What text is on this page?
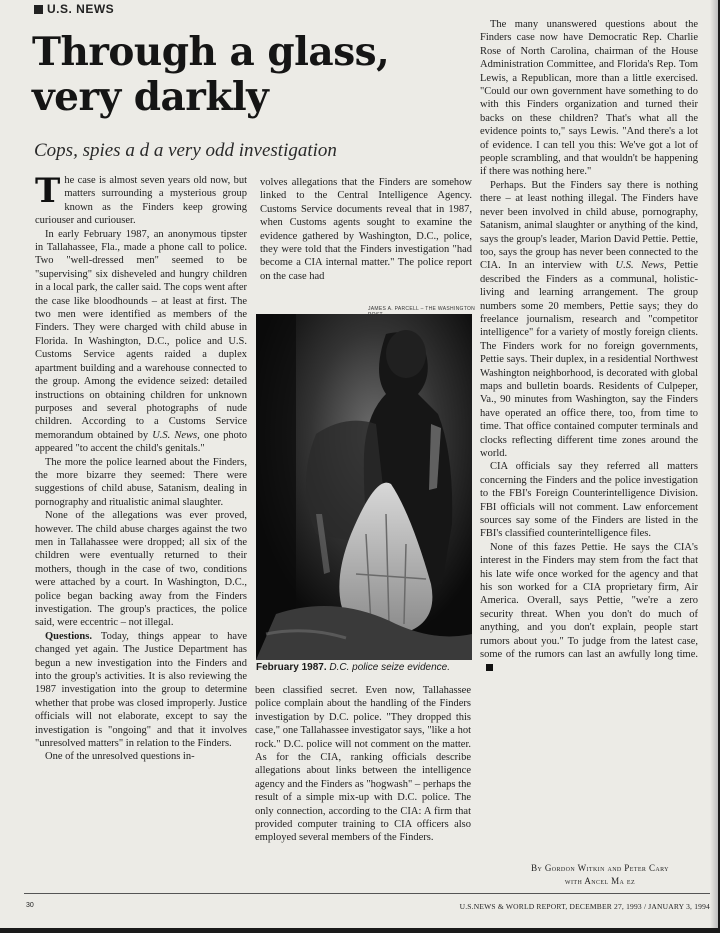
U.S. NEWS
Through a glass,
very darkly
Cops, spies a d a very odd investigation

The case is almost seven years old now, but matters surrounding a mysterious group known as the Finders keep growing curiouser and curiouser.

In early February 1987, an anonymous tipster in Tallahassee, Fla., made a phone call to police. Two "well-dressed men" seemed to be "supervising" six disheveled and hungry children in a local park, the caller said. The cops went after the case like bloodhounds – at least at first. The two men were identified as members of the Finders. They were charged with child abuse in Florida. In Washington, D.C., police and U.S. Customs Service agents raided a duplex apartment building and a warehouse connected to the group. Among the evidence seized: detailed instructions on obtaining children for unknown purposes and several photographs of nude children. According to a Customs Service memorandum obtained by U.S. News, one photo appeared "to accent the child's genitals."

The more the police learned about the Finders, the more bizarre they seemed: There were suggestions of child abuse, Satanism, dealing in pornography and ritualistic animal slaughter.

None of the allegations was ever proved, however. The child abuse charges against the two men in Tallahassee were dropped; all six of the children were eventually returned to their mothers, though in the case of two, conditions were attached by a court. In Washington, D.C., police began backing away from the Finders investigation. The group's practices, the police said, were eccentric – not illegal.

Questions. Today, things appear to have changed yet again. The Justice Department has begun a new investigation into the Finders and into the group's activities. It is also reviewing the 1987 investigation into the group to determine whether that probe was closed improperly. Justice officials will not elaborate, except to say the investigation is "ongoing" and that it involves "unresolved matters" in relation to the Finders.

One of the unresolved questions in-

volves allegations that the Finders are somehow linked to the Central Intelligence Agency. Customs Service documents reveal that in 1987, when Customs agents sought to examine the evidence gathered by Washington, D.C., police, they were told that the Finders investigation "had become a CIA internal matter." The police report on the case had

JAMES A. PARCELL – THE WASHINGTON
February 1987. D.C. police seize evidence.

been classified secret. Even now, Tallahassee police complain about the handling of the Finders investigation by D.C. police. "They dropped this case," one Tallahassee investigator says, "like a hot rock." D.C. police will not comment on the matter. As for the CIA, ranking officials describe allegations about links between the intelligence agency and the Finders as "hogwash" – perhaps the result of a simple mix-up with D.C. police. The only connection, according to the CIA: A firm that provided computer training to CIA officers also employed several members of the Finders.

The many unanswered questions about the Finders case now have Democratic Rep. Charlie Rose of North Carolina, chairman of the House Administration Committee, and Florida's Rep. Tom Lewis, a Republican, more than a little exercised. "Could our own government have something to do with this Finders organization and turned their backs on these children? That's what all the evidence points to," says Lewis. "And there's a lot of evidence. I can tell you this: We've got a lot of people scrambling, and that wouldn't be happening if there was nothing here."

Perhaps. But the Finders say there is nothing there – at least nothing illegal. The Finders have never been involved in child abuse, pornography, Satanism, animal slaughter or anything of the kind, says the group's leader, Marion David Pettie. Pettie, too, says the group has never been connected to the CIA. In an interview with U.S. News, Pettie described the Finders as a communal, holistic-living and learning arrangement. The group numbers some 20 members, Pettie says; they do freelance journalism, research and "competitor intelligence" for a variety of mostly foreign clients. The Finders work for no foreign governments, Pettie says. Their duplex, in a residential Northwest Washington neighborhood, is decorated with global maps and bulletin boards. Residents of Culpeper, Va., 90 minutes from Washington, say the Finders have operated an office there, too, from time to time. That office contained computer terminals and clocks reflecting different time zones around the world.

CIA officials say they referred all matters concerning the Finders and the police investigation to the FBI's Foreign Counterintelligence Division. FBI officials will not comment. Law enforcement sources say some of the Finders are listed in the FBI's classified counterintelligence files.

None of this fazes Pettie. He says the CIA's interest in the Finders may stem from the fact that his late wife once worked for the agency and that his son worked for a CIA proprietary firm, Air America. Overall, says Pettie, "we're a zero security threat. When you don't do much of anything, and you don't explain, people start rumors about you." To judge from the latest case, some of the rumors can last an awfully long time.

By Gordon Witkin and Peter Cary
with Ancel Ma ez
30	U.S.NEWS & WORLD REPORT, DECEMBER 27, 1993 / JANUARY 3, 1994
